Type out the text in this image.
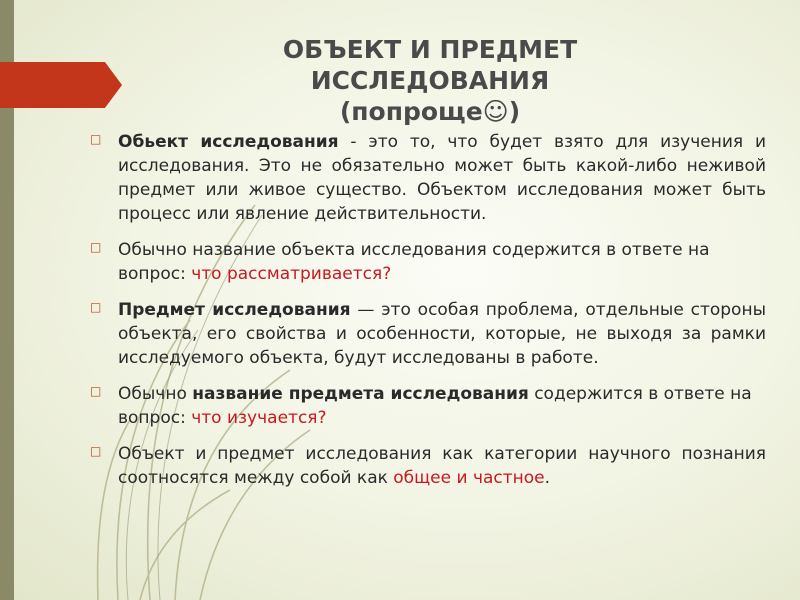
ОБЪЕКТ И ПРЕДМЕТ
ИССЛЕДОВАНИЯ
(попроще☺)
□ Обьект исследования - это то, что будет взято для изучения и исследования. Это не обязательно может быть какой-либо неживой предмет или живое существо. Объектом исследования может быть процесс или явление действительности.

□ Обычно название объекта исследования содержится в ответе на вопрос: что рассматривается?

□ Предмет исследования — это особая проблема, отдельные стороны объекта, его свойства и особенности, которые, не выходя за рамки исследуемого объекта, будут исследованы в работе.

□ Обычно название предмета исследования содержится в ответе на вопрос: что изучается?

□ Объект и предмет исследования как категории научного познания соотносятся между собой как общее и частное.
